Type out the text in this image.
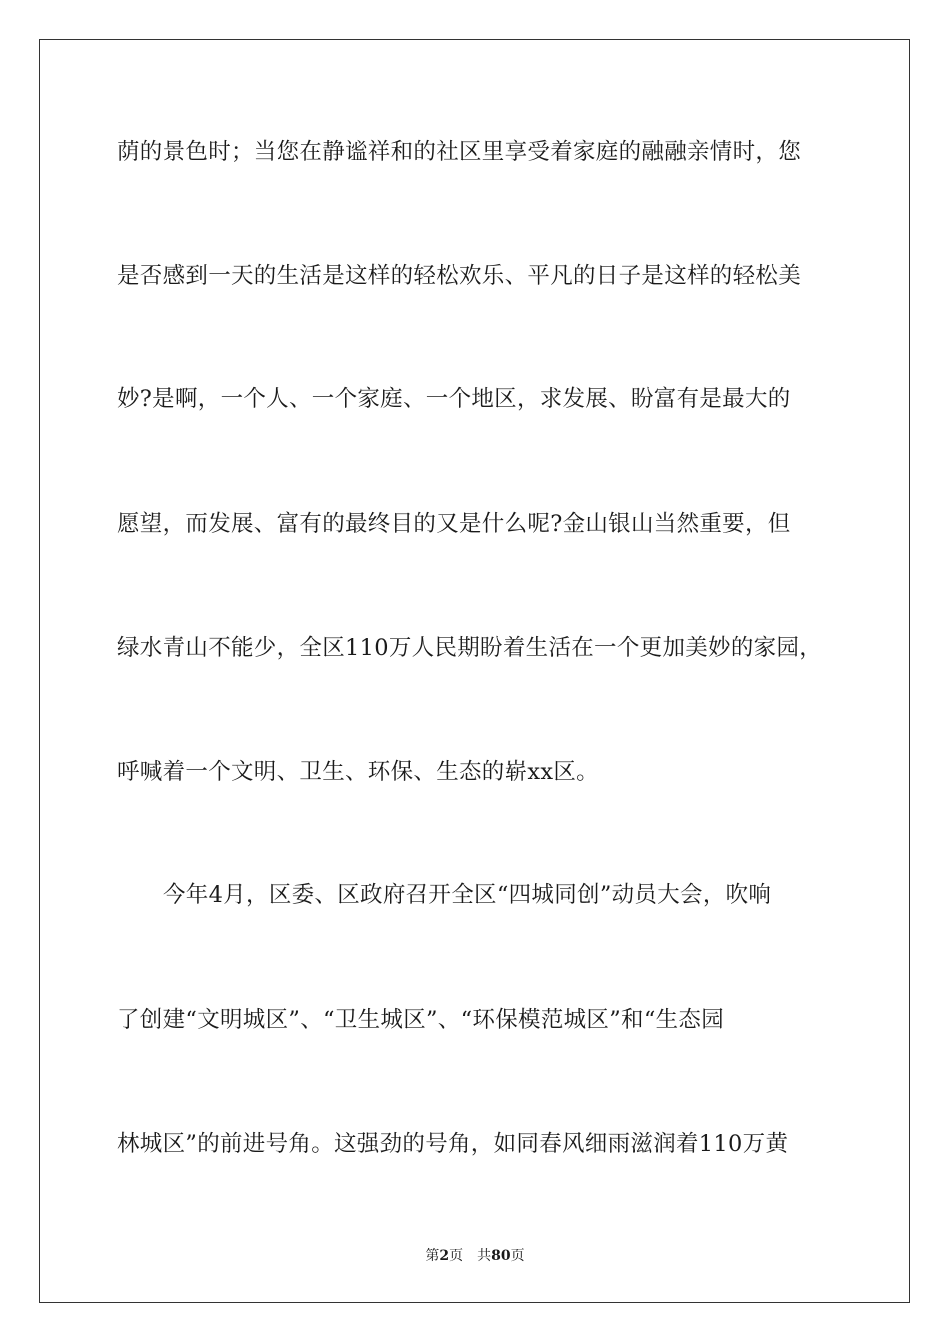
荫的景色时；当您在静谧祥和的社区里享受着家庭的融融亲情时，您
是否感到一天的生活是这样的轻松欢乐、平凡的日子是这样的轻松美
妙?是啊，一个人、一个家庭、一个地区，求发展、盼富有是最大的
愿望，而发展、富有的最终目的又是什么呢?金山银山当然重要，但
绿水青山不能少，全区110万人民期盼着生活在一个更加美妙的家园，
呼喊着一个文明、卫生、环保、生态的崭xx区。
今年4月，区委、区政府召开全区“四城同创”动员大会，吹响
了创建“文明城区”、“卫生城区”、“环保模范城区”和“生态园
林城区”的前进号角。这强劲的号角，如同春风细雨滋润着110万黄
第2页 共80页
